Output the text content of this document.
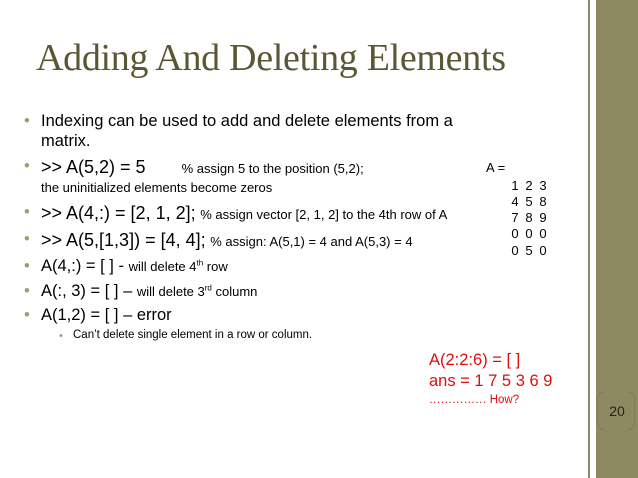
Adding And Deleting Elements
• Indexing can be used to add and delete elements from a matrix.
• >> A(5,2) = 5	% assign 5 to the position (5,2);
the uninitialized elements become zeros
• >> A(4,:) = [2, 1, 2]; % assign vector [2, 1, 2] to the 4th row of A
• >> A(5,[1,3]) = [4, 4]; % assign: A(5,1) = 4 and A(5,3) = 4
• A(4,:) = [ ] - will delete 4th row
• A(:, 3) = [ ] – will delete 3rd column
• A(1,2) = [ ] – error
• Can’t delete single element in a row or column.
A =
1 2 3
4 5 8
7 8 9
0 0 0
0 5 0
A(2:2:6) = [ ]
ans = 1 7 5 3 6 9
…………… How?
20
